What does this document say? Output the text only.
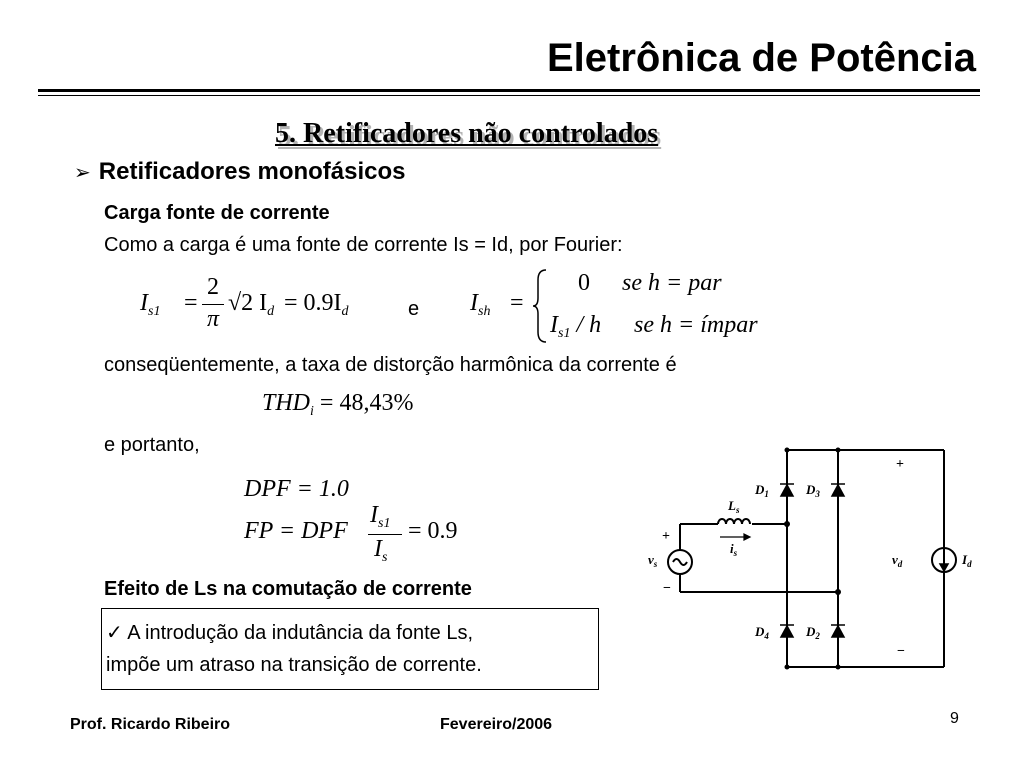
Eletrônica de Potência
5. Retificadores não controlados
➢ Retificadores monofásicos
Carga fonte de corrente
Como a carga é uma fonte de corrente Is = Id, por Fourier:
$I_{s1}$ =
2
π
√2 $I_d = 0.9I_d$	e $I_{sh}$ =
0 se h = par
$I_{s1}$ / h se h = ímpar
conseqüentemente, a taxa de distorção harmônica da corrente é
$THD_i = 48,43\%$
e portanto,
DPF = 1.0
FP = DPF
$I_{s1}$
$I_s$
= 0.9
Efeito de Ls na comutação de corrente
✓ A introdução da indutância da fonte Ls,
impõe um atraso na transição de corrente.
$D_1$	$D_3$
$D_4$	$D_2$
$L_s$
$i_s$
$v_s$	$v_d$	$I_d$
+
−
+
−
Prof. Ricardo Ribeiro	Fevereiro/2006	9
